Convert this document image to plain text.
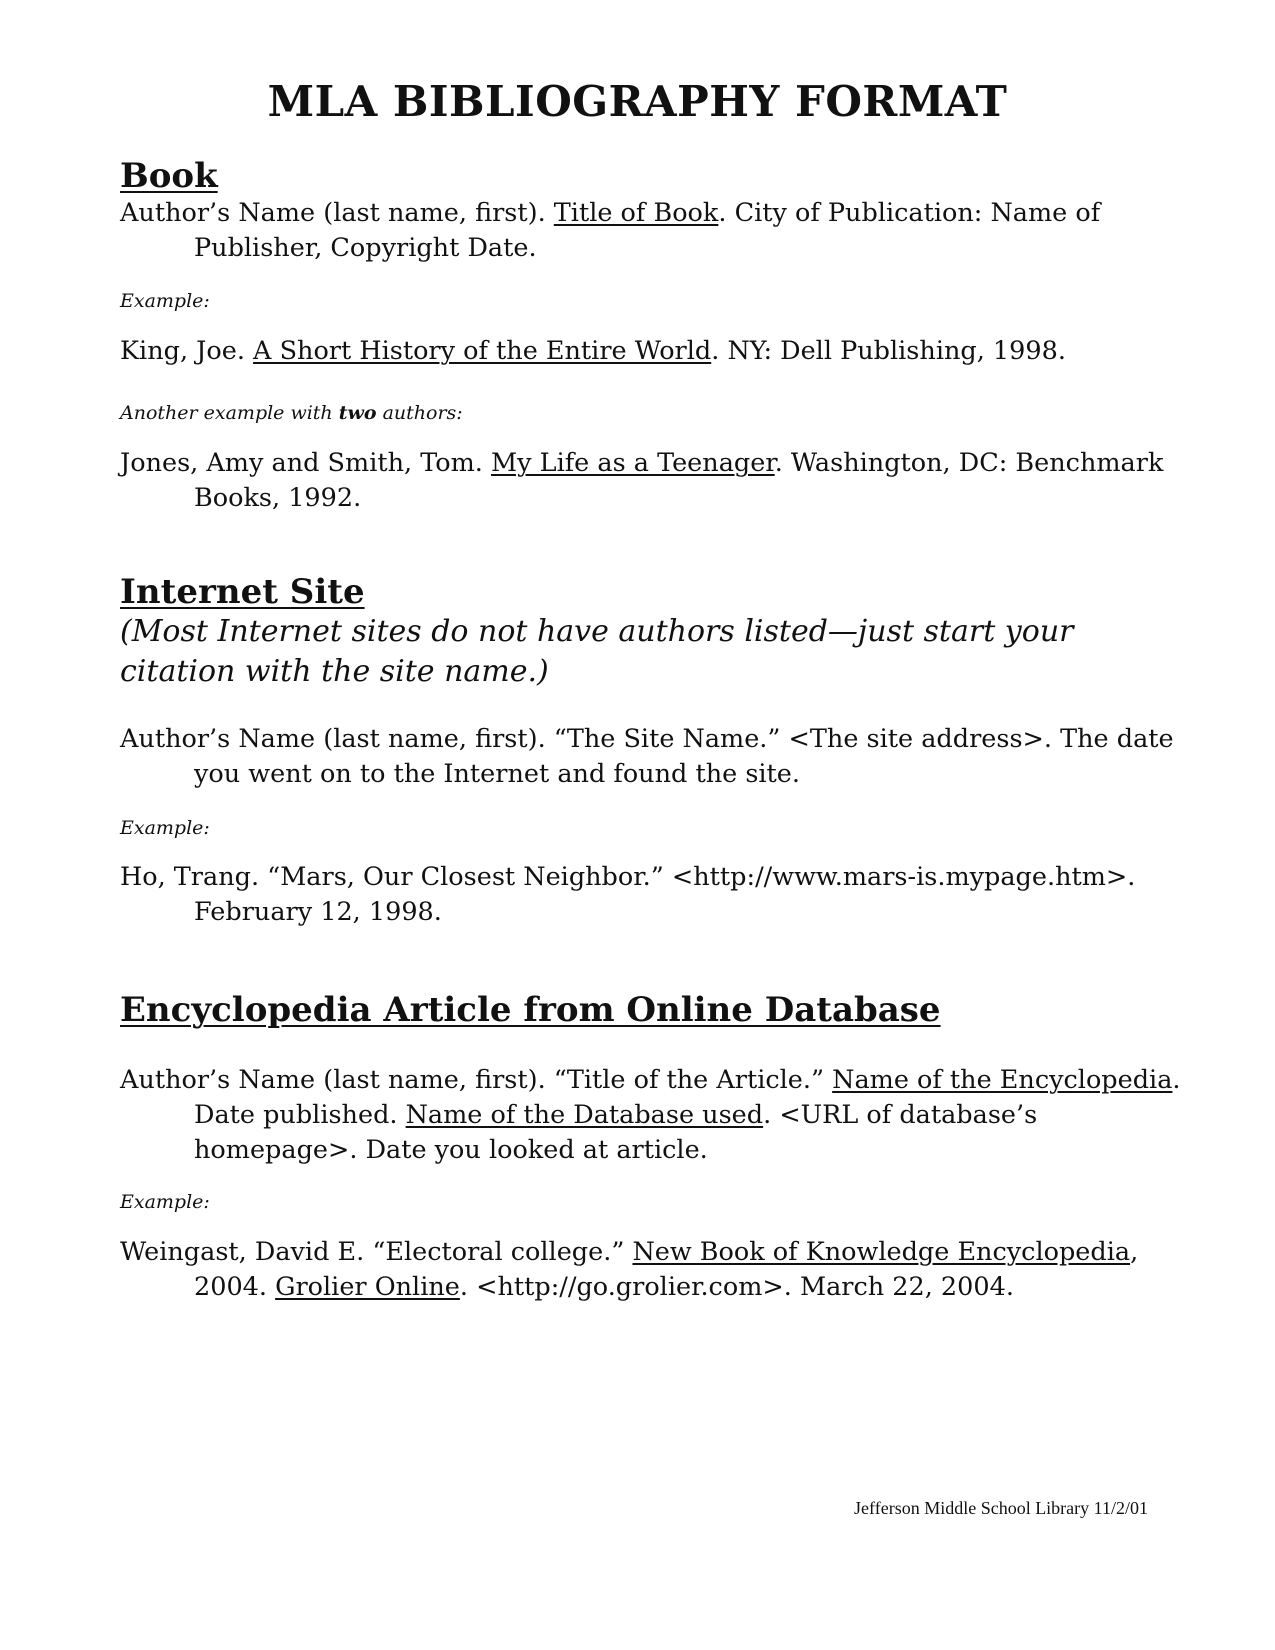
MLA BIBLIOGRAPHY FORMAT
Book

Author’s Name (last name, first). Title of Book. City of Publication: Name of Publisher, Copyright Date.

Example:

King, Joe. A Short History of the Entire World. NY: Dell Publishing, 1998.

Another example with two authors:

Jones, Amy and Smith, Tom. My Life as a Teenager. Washington, DC: Benchmark Books, 1992.

Internet Site

(Most Internet sites do not have authors listed—just start your citation with the site name.)

Author’s Name (last name, first). “The Site Name.” <The site address>. The date you went on to the Internet and found the site.

Example:

Ho, Trang. “Mars, Our Closest Neighbor.” <http://www.mars-is.mypage.htm>. February 12, 1998.

Encyclopedia Article from Online Database

Author’s Name (last name, first). “Title of the Article.” Name of the Encyclopedia. Date published. Name of the Database used. <URL of database’s homepage>. Date you looked at article.

Example:

Weingast, David E. “Electoral college.” New Book of Knowledge Encyclopedia, 2004. Grolier Online. <http://go.grolier.com>. March 22, 2004.

Jefferson Middle School Library 11/2/01
